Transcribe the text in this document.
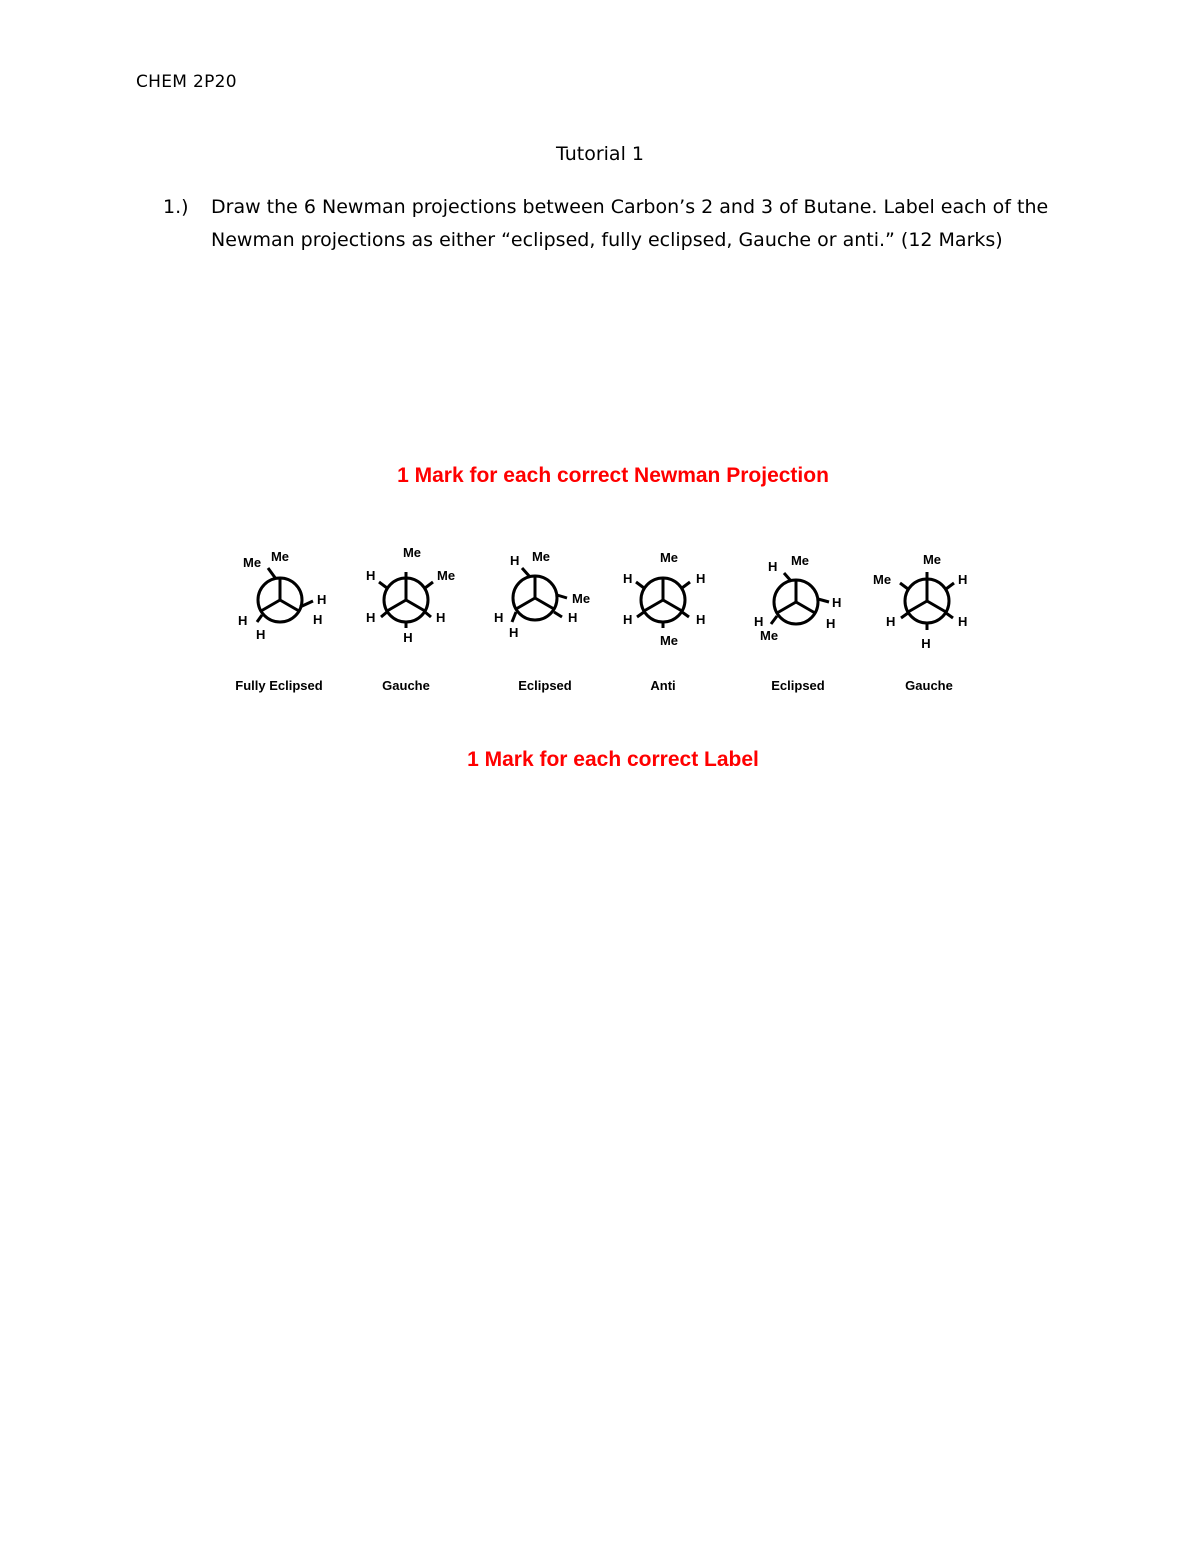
CHEM 2P20
Tutorial 1
1.) Draw the 6 Newman projections between Carbon’s 2 and 3 of Butane. Label each of the Newman projections as either “eclipsed, fully eclipsed, Gauche or anti.” (12 Marks)
1 Mark for each correct Newman Projection
Me
Me
H
H
H
H
Fully Eclipsed
Me
Me
H
H	H
H
Gauche
Me
H
Me
H
H
H
Eclipsed
Me
H	H
H	H
Me
Anti
Me
H
H
H
Me
H
Eclipsed
Me
Me	H
H	H
H
Gauche
1 Mark for each correct Label
